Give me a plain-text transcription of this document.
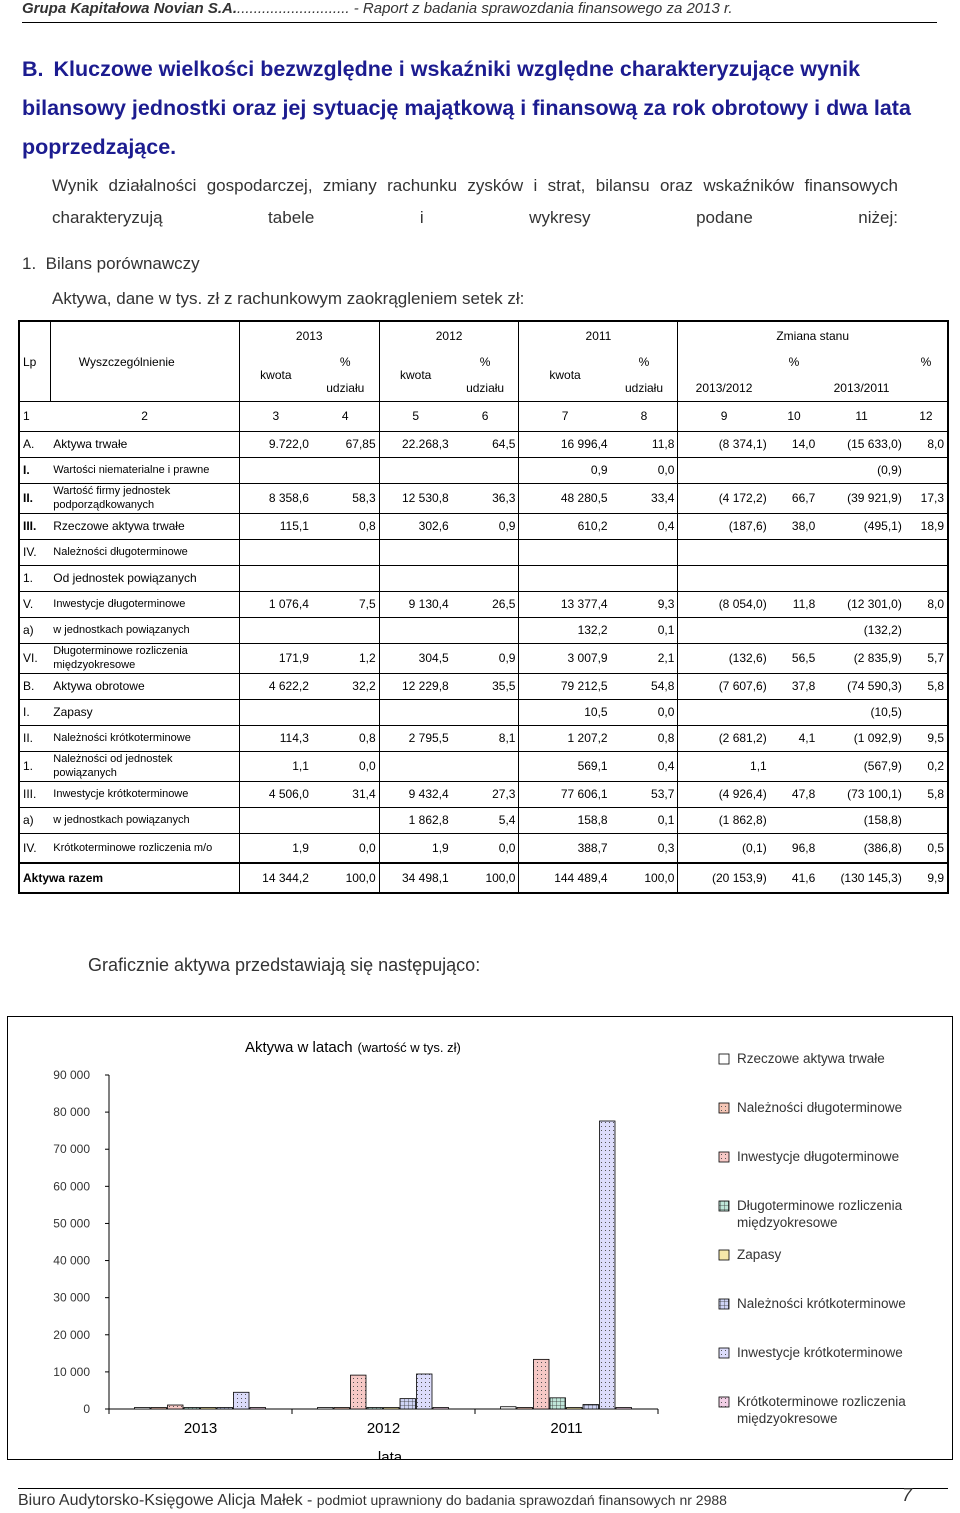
Grupa Kapitałowa Novian S.A............................ - Raport z badania sprawozdania finansowego za 2013 r.
B. Kluczowe wielkości bezwzględne i wskaźniki względne charakteryzujące wynik bilansowy jednostki oraz jej sytuację majątkową i finansową za rok obrotowy i dwa lata poprzedzające.
Wynik działalności gospodarczej, zmiany rachunku zysków i strat, bilansu oraz wskaźników finansowych charakteryzują tabele i wykresy podane niżej:
1. Bilans porównawczy
Aktywa, dane w tys. zł z rachunkowym zaokrągleniem setek zł:
		2013		2012		2011		Zmiana stanu			
Lp	Wyszczególnienie	kwota	%	kwota	%	kwota	%		%		%
			udziału		udziału		udziału	2013/2012		2013/2011	
1	2	3	4	5	6	7	8	9	10	11	12
A.	Aktywa trwałe	9.722,0	67,85	22.268,3	64,5	16 996,4	11,8	(8 374,1)	14,0	(15 633,0)	8,0
I.	Wartości niematerialne i prawne					0,9	0,0			(0,9)	
II.	Wartość firmy jednostek podporządkowanych	8 358,6	58,3	12 530,8	36,3	48 280,5	33,4	(4 172,2)	66,7	(39 921,9)	17,3
III.	Rzeczowe aktywa trwałe	115,1	0,8	302,6	0,9	610,2	0,4	(187,6)	38,0	(495,1)	18,9
IV.	Należności długoterminowe										
1.	Od jednostek powiązanych										
V.	Inwestycje długoterminowe	1 076,4	7,5	9 130,4	26,5	13 377,4	9,3	(8 054,0)	11,8	(12 301,0)	8,0
a)	w jednostkach powiązanych					132,2	0,1			(132,2)	
VI.	Długoterminowe rozliczenia międzyokresowe	171,9	1,2	304,5	0,9	3 007,9	2,1	(132,6)	56,5	(2 835,9)	5,7
B.	Aktywa obrotowe	4 622,2	32,2	12 229,8	35,5	79 212,5	54,8	(7 607,6)	37,8	(74 590,3)	5,8
I.	Zapasy					10,5	0,0			(10,5)	
II.	Należności krótkoterminowe	114,3	0,8	2 795,5	8,1	1 207,2	0,8	(2 681,2)	4,1	(1 092,9)	9,5
1.	Należności od jednostek powiązanych	1,1	0,0			569,1	0,4	1,1		(567,9)	0,2
III.	Inwestycje krótkoterminowe	4 506,0	31,4	9 432,4	27,3	77 606,1	53,7	(4 926,4)	47,8	(73 100,1)	5,8
a)	w jednostkach powiązanych			1 862,8	5,4	158,8	0,1	(1 862,8)		(158,8)	
IV.	Krótkoterminowe rozliczenia m/o	1,9	0,0	1,9	0,0	388,7	0,3	(0,1)	96,8	(386,8)	0,5
Aktywa razem		14 344,2	100,0	34 498,1	100,0	144 489,4	100,0	(20 153,9)	41,6	(130 145,3)	9,9
Graficznie aktywa przedstawiają się następująco:
Aktywa w latach (wartość w tys. zł)
0
10 000
20 000
30 000
40 000
50 000
60 000
70 000
80 000
90 000
2013	2012	2011
lata
Rzeczowe aktywa trwałe
Należności długoterminowe
Inwestycje długoterminowe
Długoterminowe rozliczenia międzyokresowe
Zapasy
Należności krótkoterminowe
Inwestycje krótkoterminowe
Krótkoterminowe rozliczenia międzyokresowe
Biuro Audytorsko-Księgowe Alicja Małek - podmiot uprawniony do badania sprawozdań finansowych nr 2988	7
